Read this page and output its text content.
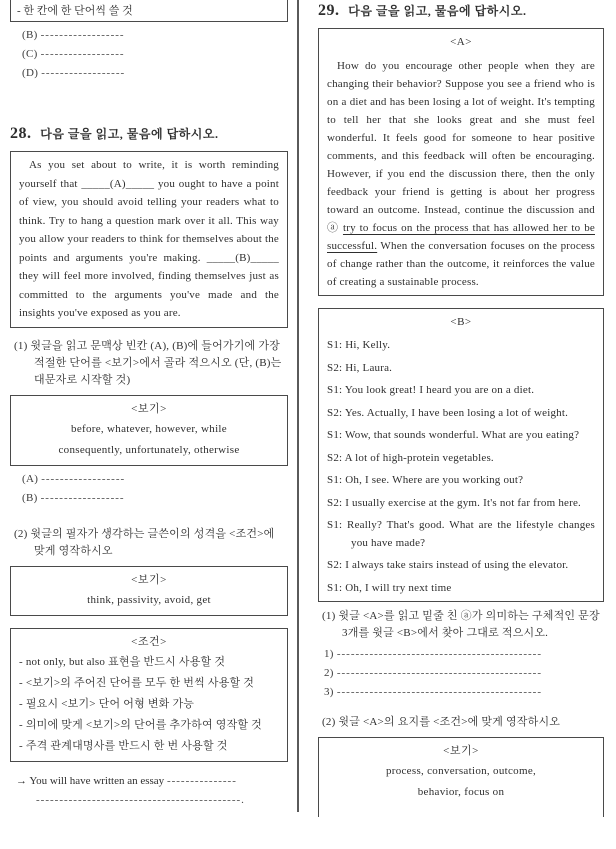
- 한 칸에 한 단어씩 쓸 것
(B) ------------------
(C) ------------------
(D) ------------------
28. 다음 글을 읽고, 물음에 답하시오.
As you set about to write, it is worth reminding yourself that _____(A)_____ you ought to have a point of view, you should avoid telling your readers what to think. Try to hang a question mark over it all. This way you allow your readers to think for themselves about the points and arguments you're making. _____(B)_____ they will feel more involved, finding themselves just as committed to the arguments you've made and the insights you've exposed as you are.
(1) 윗글을 읽고 문맥상 빈칸 (A), (B)에 들어가기에 가장 적절한 단어를 <보기>에서 골라 적으시오 (단, (B)는 대문자로 시작할 것)
<보기>
before, whatever, however, while
consequently, unfortunately, otherwise
(A) ------------------
(B) ------------------
(2) 윗글의 필자가 생각하는 글쓴이의 성격을 <조건>에 맞게 영작하시오
<보기>
think, passivity, avoid, get
<조건>
- not only, but also 표현을 반드시 사용할 것
- <보기>의 주어진 단어를 모두 한 번씩 사용할 것
- 필요시 <보기> 단어 어형 변화 가능
- 의미에 맞게 <보기>의 단어를 추가하여 영작할 것
- 주격 관계대명사를 반드시 한 번 사용할 것
→ You will have written an essay ---------------
--------------------------------------------.
29. 다음 글을 읽고, 물음에 답하시오.
<A>
How do you encourage other people when they are changing their behavior? Suppose you see a friend who is on a diet and has been losing a lot of weight. It's tempting to tell her that she looks great and she must feel wonderful. It feels good for someone to hear positive comments, and this feedback will often be encouraging. However, if you end the discussion there, then the only feedback your friend is getting is about her progress toward an outcome. Instead, continue the discussion and ⓐ try to focus on the process that has allowed her to be successful. When the conversation focuses on the process of change rather than the outcome, it reinforces the value of creating a sustainable process.
<B>

S1: Hi, Kelly.

S2: Hi, Laura.

S1: You look great! I heard you are on a diet.

S2: Yes. Actually, I have been losing a lot of weight.

S1: Wow, that sounds wonderful. What are you eating?

S2: A lot of high-protein vegetables.

S1: Oh, I see. Where are you working out?

S2: I usually exercise at the gym. It's not far from here.

S1: Really? That's good. What are the lifestyle changes you have made?

S2: I always take stairs instead of using the elevator.

S1: Oh, I will try next time

(1) 윗글 <A>를 읽고 밑줄 친 ⓐ가 의미하는 구체적인 문장 3개를 윗글 <B>에서 찾아 그대로 적으시오.
1) --------------------------------------------
2) --------------------------------------------
3) --------------------------------------------
(2) 윗글 <A>의 요지를 <조건>에 맞게 영작하시오
<보기>
process, conversation, outcome,
behavior, focus on
